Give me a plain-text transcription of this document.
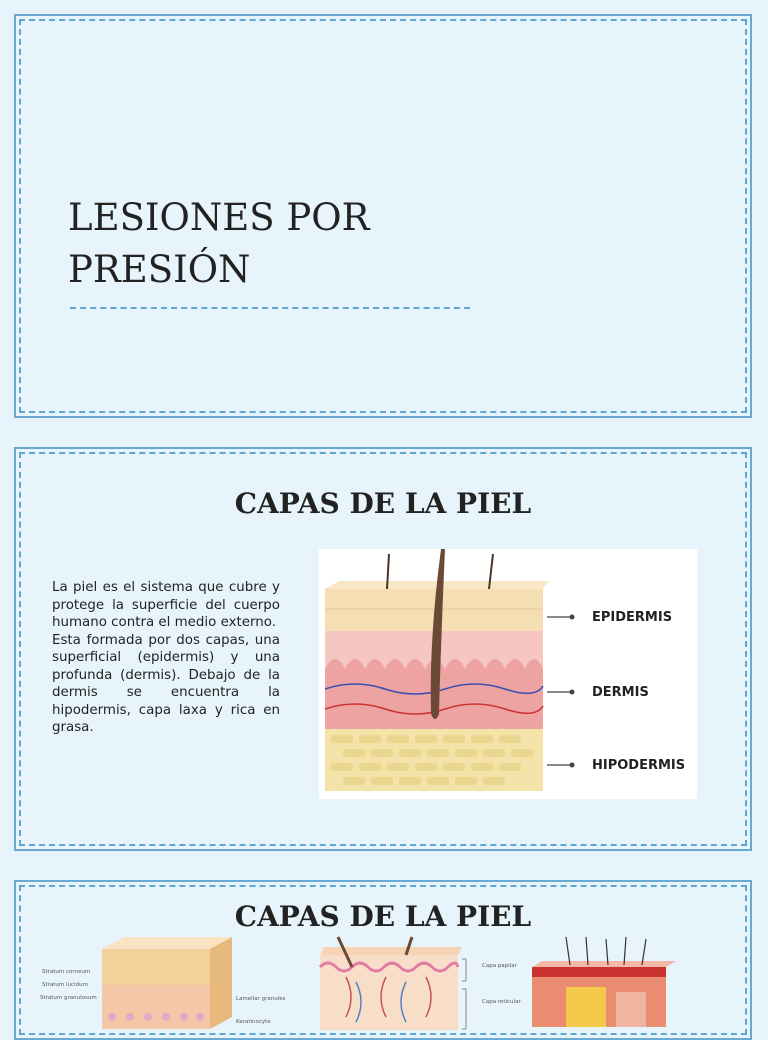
LESIONES POR PRESIÓN
CAPAS DE LA PIEL

La piel es el sistema que cubre y protege la superficie del cuerpo humano contra el medio externo.

Esta formada por dos capas, una superficial (epidermis) y una profunda (dermis). Debajo de la dermis se encuentra la hipodermis, capa laxa y rica en grasa.

EPIDERMIS
DERMIS
HIPODERMIS
CAPAS DE LA PIEL
Stratum corneum
Stratum lucidum
Stratum granulosum	Lamellar granules
Keratinocyte
Capa papilar
Capa reticular
